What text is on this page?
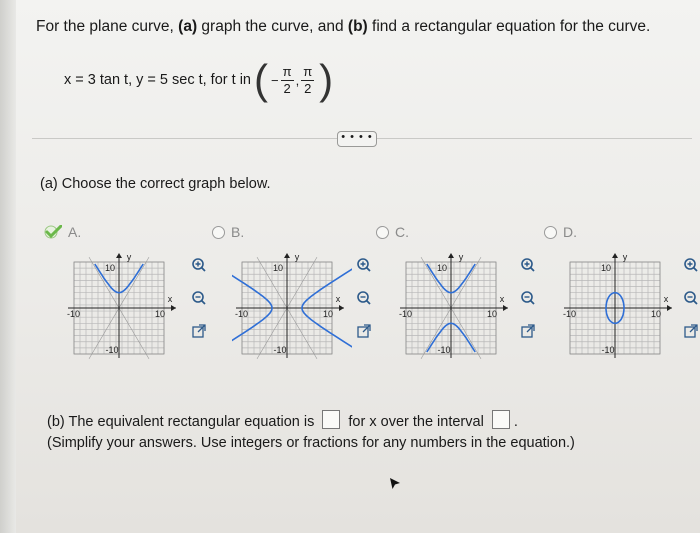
For the plane curve, (a) graph the curve, and (b) find a rectangular equation for the curve.
x = 3 tan t, y = 5 sec t, for t in ( − $\frac{\pi}{2}$ , $\frac{\pi}{2}$ )
• • • •
(a) Choose the correct graph below.
A.	B.	C.	D.
y
x
10
-10
-10	10
y
x
10
-10
-10	10
y
x
10
-10
-10	10
y
x
10
-10
-10	10
(b) The equivalent rectangular equation is  for x over the interval .
(Simplify your answers. Use integers or fractions for any numbers in the equation.)
